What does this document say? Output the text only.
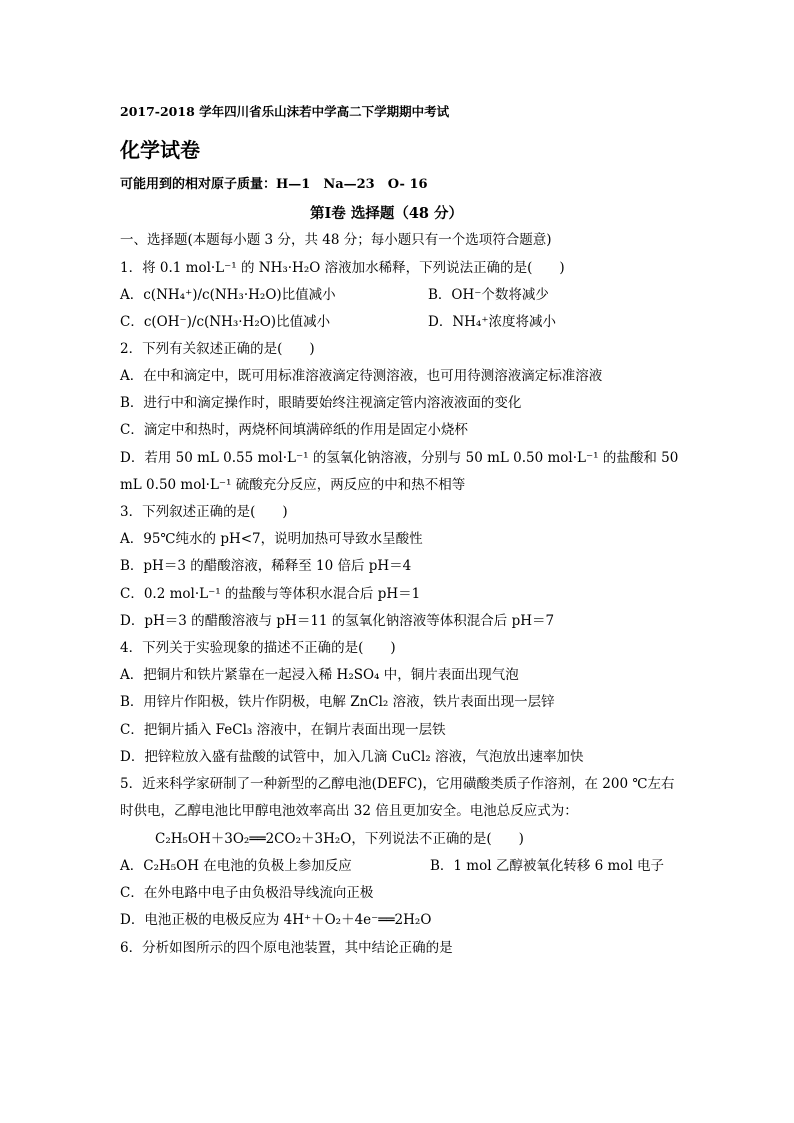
2017-2018 学年四川省乐山沫若中学高二下学期期中考试
化学试卷
可能用到的相对原子质量：H—1　Na—23　O- 16
第Ⅰ卷 选择题（48 分）
一、选择题(本题每小题 3 分，共 48 分；每小题只有一个选项符合题意)
1．将 0.1 mol·L⁻¹ 的 NH₃·H₂O 溶液加水稀释，下列说法正确的是(　　)
A．c(NH₄⁺)/c(NH₃·H₂O)比值减小	B．OH⁻个数将减少
C．c(OH⁻)/c(NH₃·H₂O)比值减小	D．NH₄⁺浓度将减小
2．下列有关叙述正确的是(　　)
A．在中和滴定中，既可用标准溶液滴定待测溶液，也可用待测溶液滴定标准溶液
B．进行中和滴定操作时，眼睛要始终注视滴定管内溶液液面的变化
C．滴定中和热时，两烧杯间填满碎纸的作用是固定小烧杯
D．若用 50 mL 0.55 mol·L⁻¹ 的氢氧化钠溶液，分别与 50 mL 0.50 mol·L⁻¹ 的盐酸和 50
mL 0.50 mol·L⁻¹ 硫酸充分反应，两反应的中和热不相等
3．下列叙述正确的是(　　)
A．95℃纯水的 pH<7，说明加热可导致水呈酸性
B．pH＝3 的醋酸溶液，稀释至 10 倍后 pH＝4
C．0.2 mol·L⁻¹ 的盐酸与等体积水混合后 pH＝1
D．pH＝3 的醋酸溶液与 pH＝11 的氢氧化钠溶液等体积混合后 pH＝7
4．下列关于实验现象的描述不正确的是(　　)
A．把铜片和铁片紧靠在一起浸入稀 H₂SO₄ 中，铜片表面出现气泡
B．用锌片作阳极，铁片作阴极，电解 ZnCl₂ 溶液，铁片表面出现一层锌
C．把铜片插入 FeCl₃ 溶液中，在铜片表面出现一层铁
D．把锌粒放入盛有盐酸的试管中，加入几滴 CuCl₂ 溶液，气泡放出速率加快
5．近来科学家研制了一种新型的乙醇电池(DEFC)，它用磺酸类质子作溶剂，在 200 ℃左右
时供电，乙醇电池比甲醇电池效率高出 32 倍且更加安全。电池总反应式为：
C₂H₅OH＋3O₂══2CO₂＋3H₂O，下列说法不正确的是(　　)
A．C₂H₅OH 在电池的负极上参加反应	B．1 mol 乙醇被氧化转移 6 mol 电子
C．在外电路中电子由负极沿导线流向正极
D．电池正极的电极反应为 4H⁺＋O₂＋4e⁻══2H₂O
6．分析如图所示的四个原电池装置，其中结论正确的是
